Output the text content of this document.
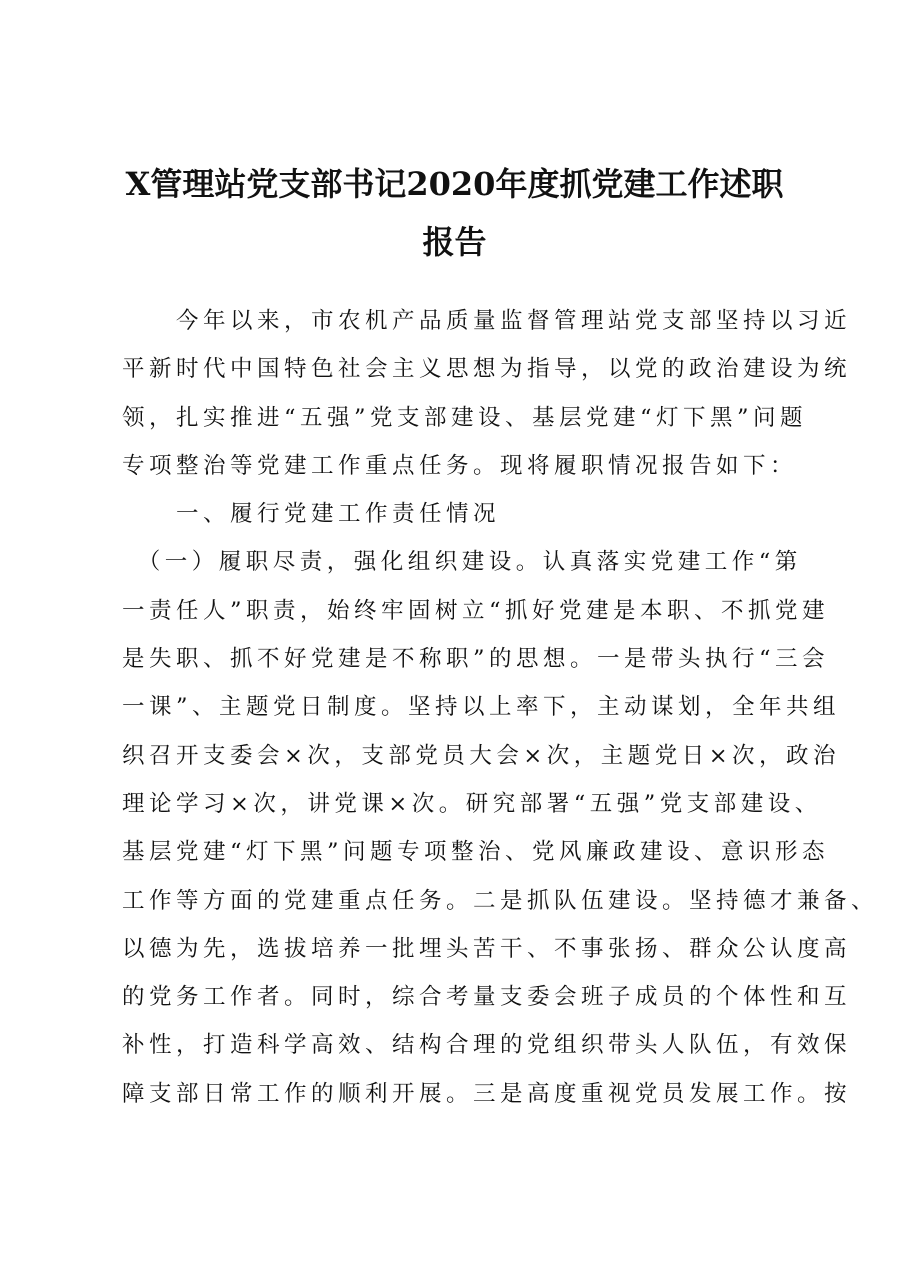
X管理站党支部书记2020年度抓党建工作述职
报告
　　今年以来，市农机产品质量监督管理站党支部坚持以习近
平新时代中国特色社会主义思想为指导，以党的政治建设为统
领，扎实推进“五强”党支部建设、基层党建“灯下黑”问题
专项整治等党建工作重点任务。现将履职情况报告如下：
　　一、履行党建工作责任情况
　（一）履职尽责，强化组织建设。认真落实党建工作“第
一责任人”职责，始终牢固树立“抓好党建是本职、不抓党建
是失职、抓不好党建是不称职”的思想。一是带头执行“三会
一课”、主题党日制度。坚持以上率下，主动谋划，全年共组
织召开支委会×次，支部党员大会×次，主题党日×次，政治
理论学习×次，讲党课×次。研究部署“五强”党支部建设、
基层党建“灯下黑”问题专项整治、党风廉政建设、意识形态
工作等方面的党建重点任务。二是抓队伍建设。坚持德才兼备、
以德为先，选拔培养一批埋头苦干、不事张扬、群众公认度高
的党务工作者。同时，综合考量支委会班子成员的个体性和互
补性，打造科学高效、结构合理的党组织带头人队伍，有效保
障支部日常工作的顺利开展。三是高度重视党员发展工作。按
